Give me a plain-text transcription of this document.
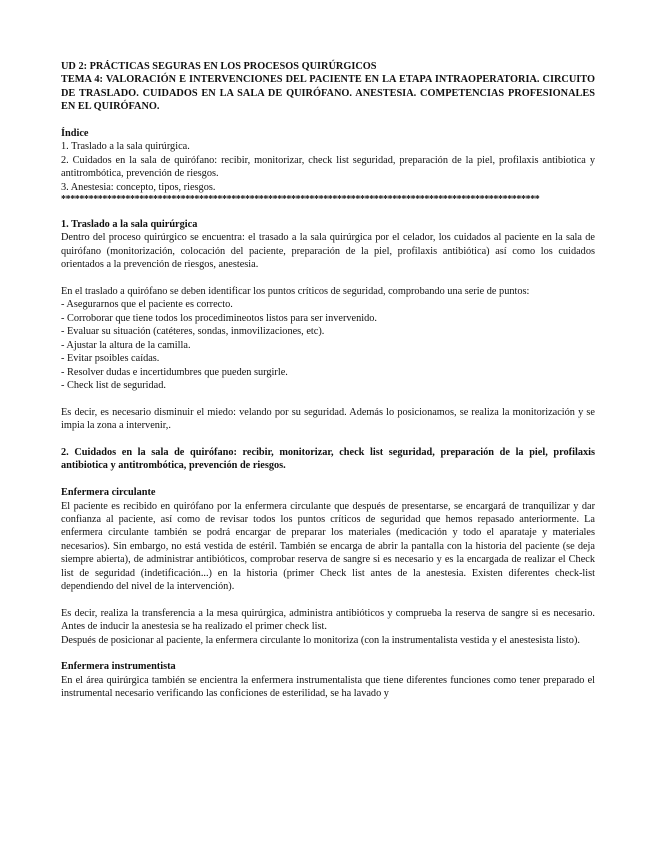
UD 2: PRÁCTICAS SEGURAS EN LOS PROCESOS QUIRÚRGICOS

TEMA 4: VALORACIÓN E INTERVENCIONES DEL PACIENTE EN LA ETAPA INTRAOPERATORIA. CIRCUITO DE TRASLADO. CUIDADOS EN LA SALA DE QUIRÓFANO. ANESTESIA. COMPETENCIAS PROFESIONALES EN EL QUIRÓFANO.

Índice

1. Traslado a la sala quirúrgica.

2. Cuidados en la sala de quirófano: recibir, monitorizar, check list seguridad, preparación de la piel, profilaxis antibiotica y antitrombótica, prevención de riesgos.

3. Anestesia: concepto, tipos, riesgos.

********************************************************************************************************

1. Traslado a la sala quirúrgica

Dentro del proceso quirúrgico se encuentra: el trasado a la sala quirúrgica por el celador, los cuidados al paciente en la sala de quirófano (monitorización, colocación del paciente, preparación de la piel, profilaxis antibiótica) así como los cuidados orientados a la prevención de riesgos, anestesia.

En el traslado a quirófano se deben identificar los puntos críticos de seguridad, comprobando una serie de puntos:

- Asegurarnos que el paciente es correcto.
- Corroborar que tiene todos los procedimineotos listos para ser invervenido.
- Evaluar su situación (catéteres, sondas, inmovilizaciones, etc).
- Ajustar la altura de la camilla.
- Evitar psoibles caídas.
- Resolver dudas e incertidumbres que pueden surgirle.
- Check list de seguridad.

Es decir, es necesario disminuir el miedo: velando por su seguridad. Además lo posicionamos, se realiza la monitorización y se impia la zona a intervenir,.

2. Cuidados en la sala de quirófano: recibir, monitorizar, check list seguridad, preparación de la piel, profilaxis antibiotica y antitrombótica, prevención de riesgos.

Enfermera circulante

El paciente es recibido en quirófano por la enfermera circulante que después de presentarse, se encargará de tranquilizar y dar confianza al paciente, así como de revisar todos los puntos críticos de seguridad que hemos repasado anteriormente. La enfermera circulante también se podrá encargar de preparar los materiales (medicación y todo el aparataje y materiales necesarios). Sin embargo, no está vestida de estéril. También se encarga de abrir la pantalla con la historia del paciente (se deja siempre abierta), de administrar antibióticos, comprobar reserva de sangre si es necesario y es la encargada de realizar el Check list de seguridad (indetificación...) en la historia (primer Check list antes de la anestesia. Existen diferentes check-list dependiendo del nivel de la intervención).

Es decir, realiza la transferencia a la mesa quirúrgica, administra antibióticos y comprueba la reserva de sangre si es necesario. Antes de inducir la anestesia se ha realizado el primer check list.

Después de posicionar al paciente, la enfermera circulante lo monitoriza (con la instrumentalista vestida y el anestesista listo).

Enfermera instrumentista

En el área quirúrgica también se encientra la enfermera instrumentalista que tiene diferentes funciones como tener preparado el instrumental necesario verificando las conficiones de esterilidad, se ha lavado y
